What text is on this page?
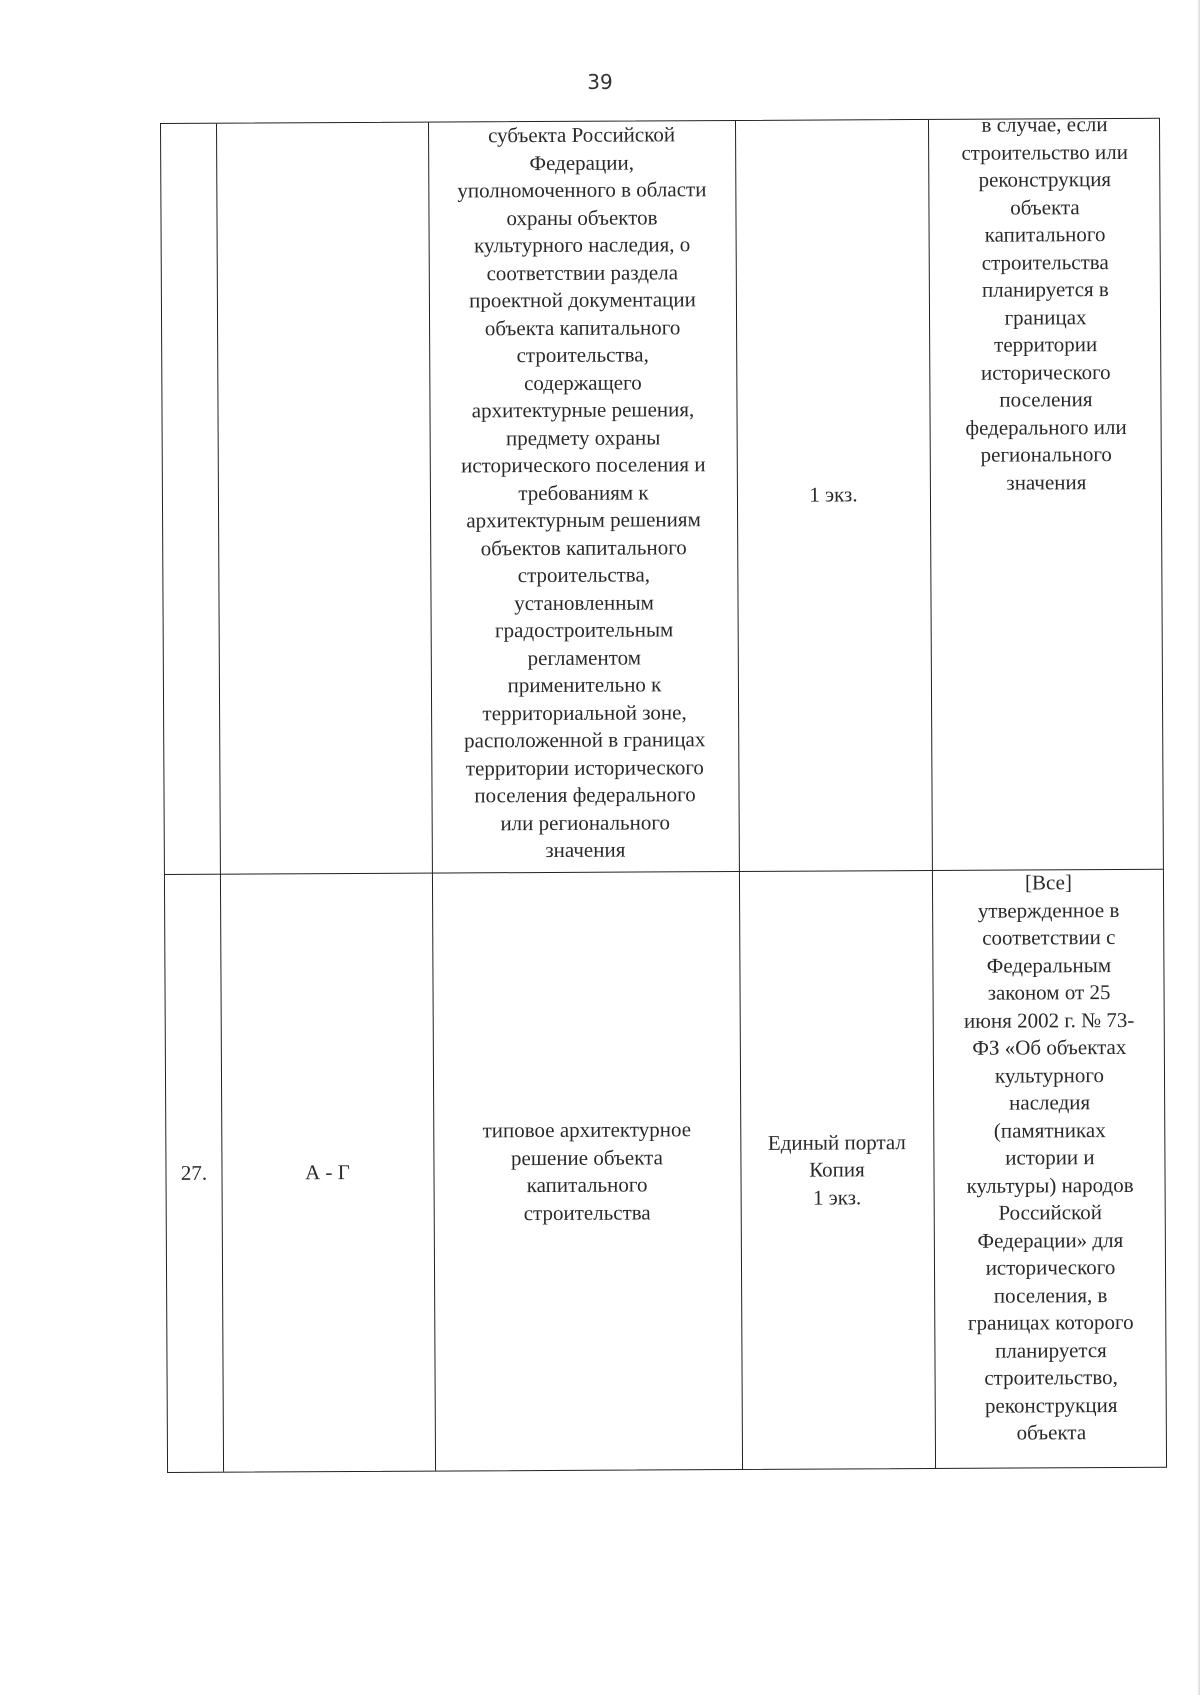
39
субъекта Российской
Федерации,
уполномоченного в области
охраны объектов
культурного наследия, о
соответствии раздела
проектной документации
объекта капитального
строительства,
содержащего
архитектурные решения,
предмету охраны
исторического поселения и
требованиям к
архитектурным решениям
объектов капитального
строительства,
установленным
градостроительным
регламентом
применительно к
территориальной зоне,
расположенной в границах
территории исторического
поселения федерального
или регионального
значения
1 экз.
в случае, если
строительство или
реконструкция
объекта
капитального
строительства
планируется в
границах
территории
исторического
поселения
федерального или
регионального
значения
27.	А - Г
типовое архитектурное
решение объекта
капитального
строительства
Единый портал
Копия
1 экз.
[Все]
утвержденное в
соответствии с
Федеральным
законом от 25
июня 2002 г. № 73-
ФЗ «Об объектах
культурного
наследия
(памятниках
истории и
культуры) народов
Российской
Федерации» для
исторического
поселения, в
границах которого
планируется
строительство,
реконструкция
объекта
